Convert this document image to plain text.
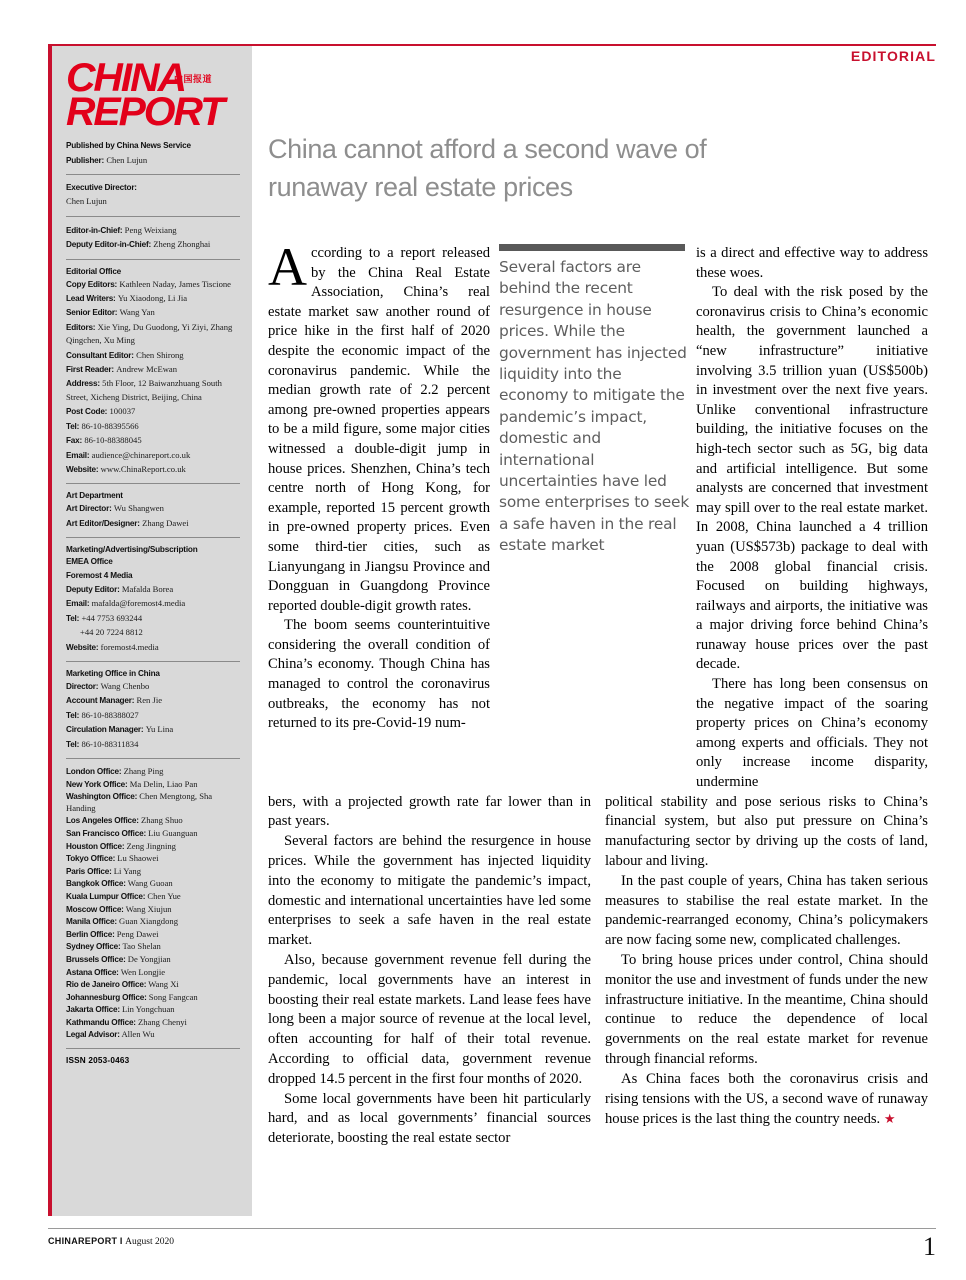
EDITORIAL
CHINA
REPORT
中国报道
Published by China News Service
Publisher: Chen Lujun
Executive Director:
Chen Lujun
Editor-in-Chief: Peng Weixiang
Deputy Editor-in-Chief: Zheng Zhonghai
Editorial Office
Copy Editors: Kathleen Naday, James Tiscione
Lead Writers: Yu Xiaodong, Li Jia
Senior Editor: Wang Yan
Editors: Xie Ying, Du Guodong, Yi Ziyi, Zhang Qingchen, Xu Ming
Consultant Editor: Chen Shirong
First Reader: Andrew McEwan
Address: 5th Floor, 12 Baiwanzhuang South Street, Xicheng District, Beijing, China
Post Code: 100037
Tel: 86-10-88395566
Fax: 86-10-88388045
Email: audience@chinareport.co.uk
Website: www.ChinaReport.co.uk
Art Department
Art Director: Wu Shangwen
Art Editor/Designer: Zhang Dawei
Marketing/Advertising/Subscription
EMEA Office
Foremost 4 Media
Deputy Editor: Mafalda Borea
Email: mafalda@foremost4.media
Tel: +44 7753 693244
+44 20 7224 8812
Website: foremost4.media
Marketing Office in China
Director: Wang Chenbo
Account Manager: Ren Jie
Tel: 86-10-88388027
Circulation Manager: Yu Lina
Tel: 86-10-88311834
London Office: Zhang Ping
New York Office: Ma Delin, Liao Pan
Washington Office: Chen Mengtong, Sha Handing
Los Angeles Office: Zhang Shuo
San Francisco Office: Liu Guanguan
Houston Office: Zeng Jingning
Tokyo Office: Lu Shaowei
Paris Office: Li Yang
Bangkok Office: Wang Guoan
Kuala Lumpur Office: Chen Yue
Moscow Office: Wang Xiujun
Manila Office: Guan Xiangdong
Berlin Office: Peng Dawei
Sydney Office: Tao Shelan
Brussels Office: De Yongjian
Astana Office: Wen Longjie
Rio de Janeiro Office: Wang Xi
Johannesburg Office: Song Fangcan
Jakarta Office: Lin Yongchuan
Kathmandu Office: Zhang Chenyi
Legal Advisor: Allen Wu
ISSN 2053-0463
China cannot afford a second wave of runaway real estate prices

According to a report released by the China Real Estate Association, China’s real estate market saw another round of price hike in the first half of 2020 despite the economic impact of the coronavirus pandemic. While the median growth rate of 2.2 percent among pre-owned properties appears to be a mild figure, some major cities witnessed a double-digit jump in house prices. Shenzhen, China’s tech centre north of Hong Kong, for example, reported 15 percent growth in pre-owned property prices. Even some third-tier cities, such as Lianyungang in Jiangsu Province and Dongguan in Guangdong Province reported double-digit growth rates.

The boom seems counterintuitive considering the overall condition of China’s economy. Though China has managed to control the coronavirus outbreaks, the economy has not returned to its pre-Covid-19 num-

is a direct and effective way to address these woes.

To deal with the risk posed by the coronavirus crisis to China’s economic health, the government launched a “new infrastructure” initiative involving 3.5 trillion yuan (US$500b) in investment over the next five years. Unlike conventional infrastructure building, the initiative focuses on the high-tech sector such as 5G, big data and artificial intelligence. But some analysts are concerned that investment may spill over to the real estate market. In 2008, China launched a 4 trillion yuan (US$573b) package to deal with the 2008 global financial crisis. Focused on building highways, railways and airports, the initiative was a major driving force behind China’s runaway house prices over the past decade.

There has long been consensus on the negative impact of the soaring property prices on China’s economy among experts and officials. They not only increase income disparity, undermine

Several factors are behind the recent resurgence in house prices. While the government has injected liquidity into the economy to mitigate the pandemic’s impact, domestic and international uncertainties have led some enterprises to seek a safe haven in the real estate market

bers, with a projected growth rate far lower than in past years.

Several factors are behind the resurgence in house prices. While the government has injected liquidity into the economy to mitigate the pandemic’s impact, domestic and international uncertainties have led some enterprises to seek a safe haven in the real estate market.

Also, because government revenue fell during the pandemic, local governments have an interest in boosting their real estate markets. Land lease fees have long been a major source of revenue at the local level, often accounting for half of their total revenue. According to official data, government revenue dropped 14.5 percent in the first four months of 2020.

Some local governments have been hit particularly hard, and as local governments’ financial sources deteriorate, boosting the real estate sector

political stability and pose serious risks to China’s financial system, but also put pressure on China’s manufacturing sector by driving up the costs of land, labour and living.

In the past couple of years, China has taken serious measures to stabilise the real estate market. In the pandemic-rearranged economy, China’s policymakers are now facing some new, complicated challenges.

To bring house prices under control, China should monitor the use and investment of funds under the new infrastructure initiative. In the meantime, China should continue to reduce the dependence of local governments on the real estate market for revenue through financial reforms.

As China faces both the coronavirus crisis and rising tensions with the US, a second wave of runaway house prices is the last thing the country needs. ★

CHINAREPORT I August 2020	1
